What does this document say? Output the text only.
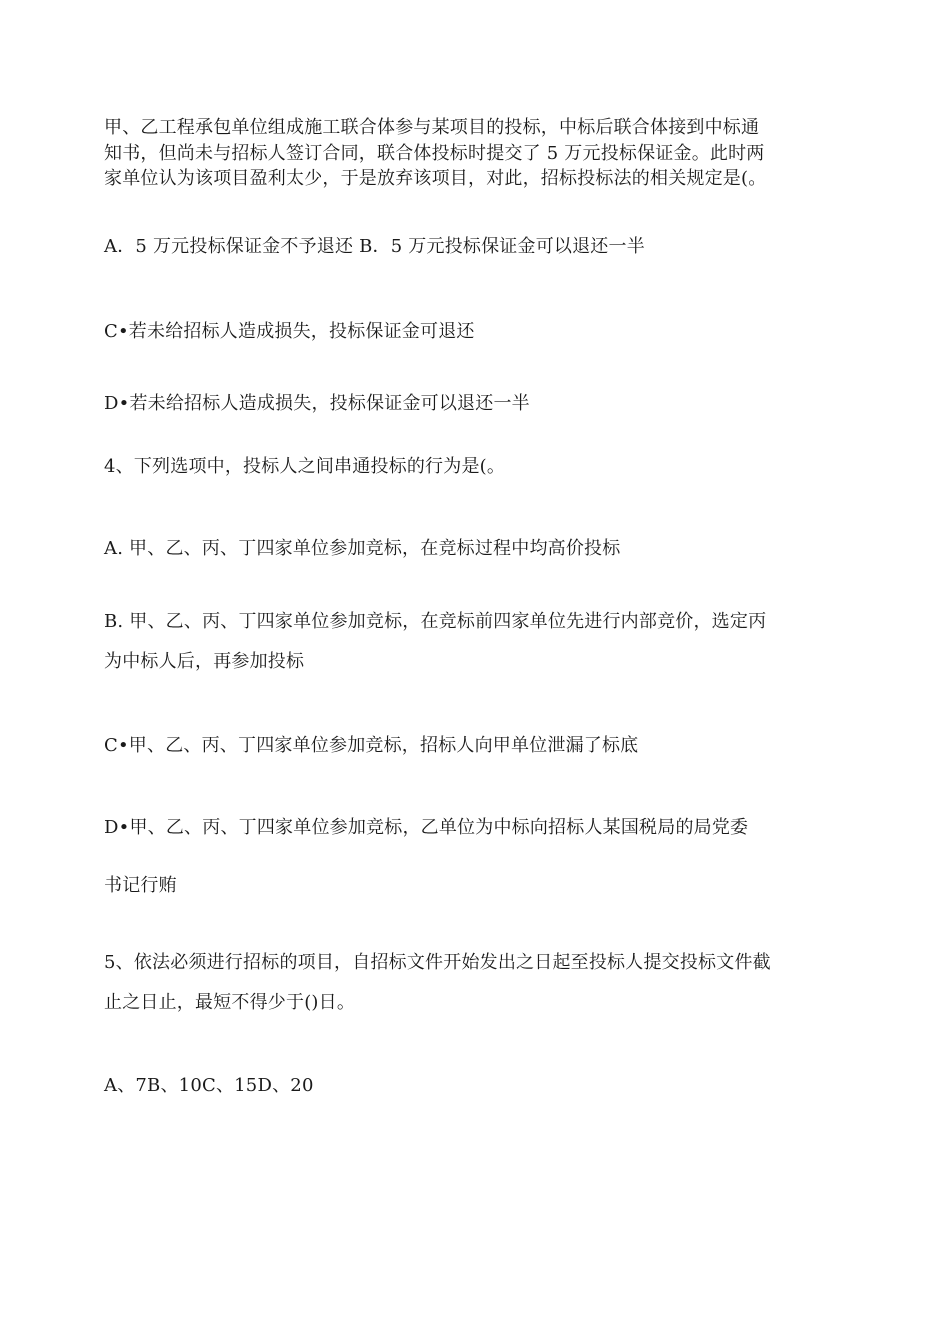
甲、乙工程承包单位组成施工联合体参与某项目的投标，中标后联合体接到中标通
知书，但尚未与招标人签订合同，联合体投标时提交了 5 万元投标保证金。此时两
家单位认为该项目盈利太少，于是放弃该项目，对此，招标投标法的相关规定是(。
A．5 万元投标保证金不予退还 B．5 万元投标保证金可以退还一半
C•若未给招标人造成损失，投标保证金可退还
D•若未给招标人造成损失，投标保证金可以退还一半
4、下列选项中，投标人之间串通投标的行为是(。
A. 甲、乙、丙、丁四家单位参加竞标，在竞标过程中均高价投标
B. 甲、乙、丙、丁四家单位参加竞标，在竞标前四家单位先进行内部竞价，选定丙
为中标人后，再参加投标
C•甲、乙、丙、丁四家单位参加竞标，招标人向甲单位泄漏了标底
D•甲、乙、丙、丁四家单位参加竞标，乙单位为中标向招标人某国税局的局党委
书记行贿
5、依法必须进行招标的项目，自招标文件开始发出之日起至投标人提交投标文件截
止之日止，最短不得少于()日。
A、7B、10C、15D、20
